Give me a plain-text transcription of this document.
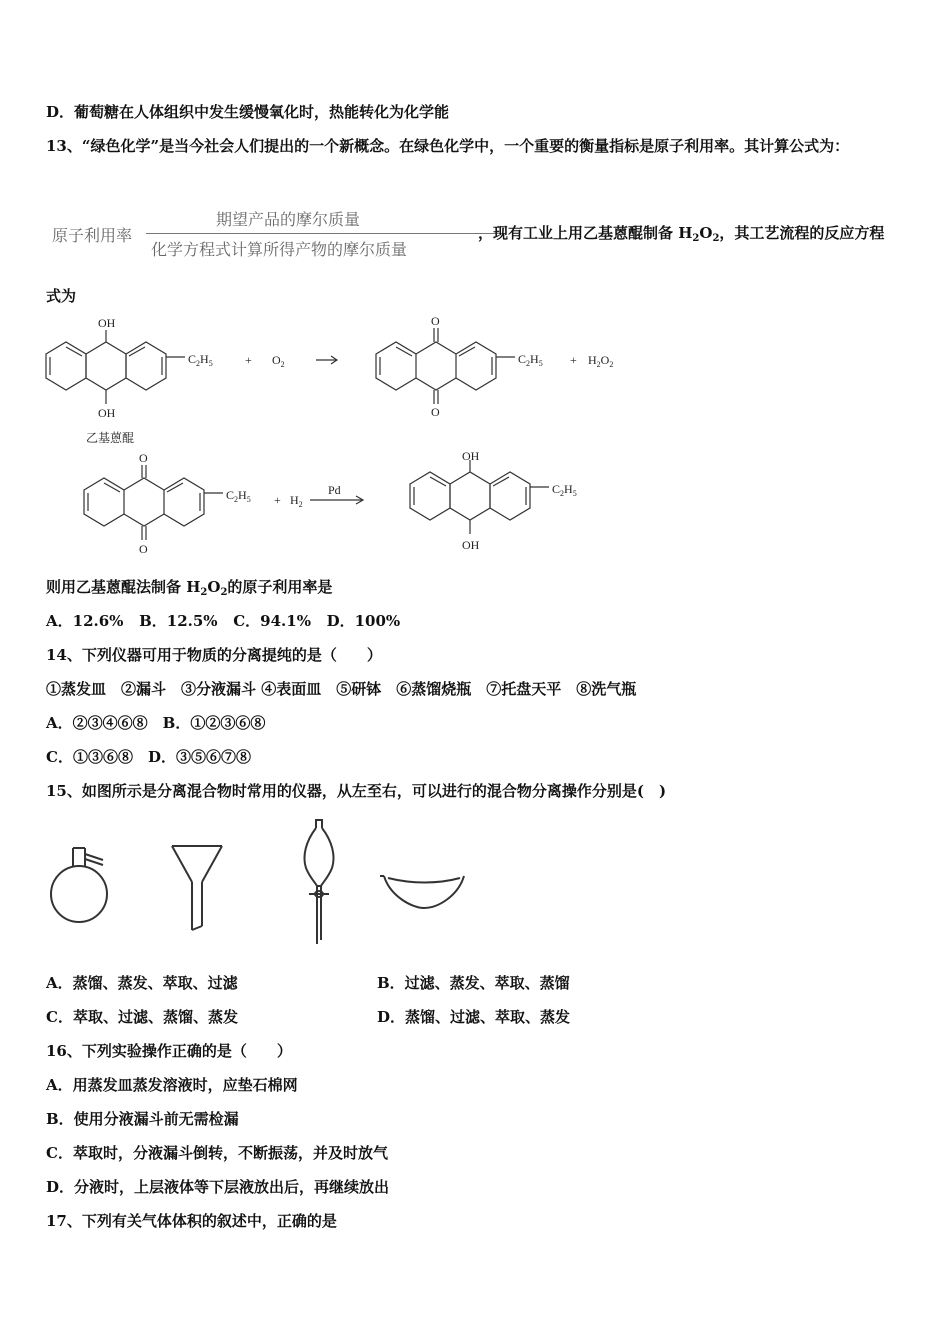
D．葡萄糖在人体组织中发生缓慢氧化时，热能转化为化学能
13、“绿色化学”是当今社会人们提出的一个新概念。在绿色化学中，一个重要的衡量指标是原子利用率。其计算公式为：
原子利用率
期望产品的摩尔质量
化学方程式计算所得产物的摩尔质量
，现有工业上用乙基蒽醌制备 $H_2O_2$，其工艺流程的反应方程
式为
OH
OH
$C_2H_5$	+ $O_2$
O
O
$C_2H_5 + H_2O_2$
乙基蒽醌
O
O
$C_2H_5 + H_2$
Pd
OH
OH
$C_2H_5$
则用乙基蒽醌法制备 $H_2O_2$的原子利用率是
A．12.6%   B．12.5%   C．94.1%   D．100%
14、下列仪器可用于物质的分离提纯的是（　　）
①蒸发皿　②漏斗　③分液漏斗 ④表面皿　⑤研钵　⑥蒸馏烧瓶　⑦托盘天平　⑧洗气瓶
A．②③④⑥⑧　B．①②③⑥⑧
C．①③⑥⑧　D．③⑤⑥⑦⑧
15、如图所示是分离混合物时常用的仪器，从左至右，可以进行的混合物分离操作分别是(　)
A．蒸馏、蒸发、萃取、过滤	B．过滤、蒸发、萃取、蒸馏
C．萃取、过滤、蒸馏、蒸发	D．蒸馏、过滤、萃取、蒸发
16、下列实验操作正确的是（　　）
A．用蒸发皿蒸发溶液时，应垫石棉网
B．使用分液漏斗前无需检漏
C．萃取时，分液漏斗倒转，不断振荡，并及时放气
D．分液时，上层液体等下层液放出后，再继续放出
17、下列有关气体体积的叙述中，正确的是
